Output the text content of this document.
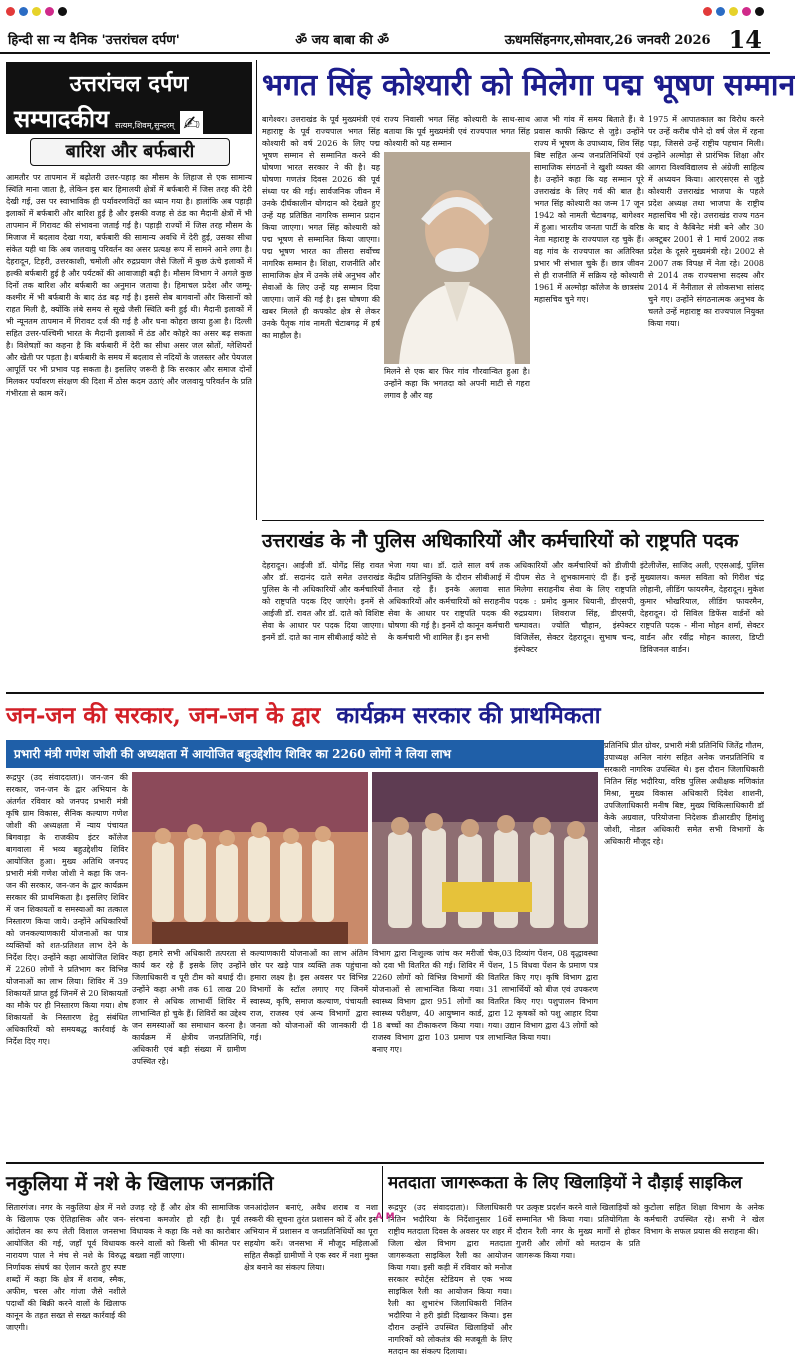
हिन्दी सा न्य दैनिक 'उत्तरांचल दर्पण'	ॐ जय बाबा की ॐ	ऊधमसिंहनगर,सोमवार,26 जनवरी 2026 14
उत्तरांचल दर्पण
सम्पादकीय सत्यम,शिवम्,सुन्दरम् ✍
बारिश और बर्फबारी
आमतौर पर तापमान में बढ़ोतरी उत्तर-पहाड़ का मौसम के लिहाज से एक सामान्य स्थिति माना जाता है, लेकिन इस बार हिमालयी क्षेत्रों में बर्फबारी में जिस तरह की देरी देखी गई, उस पर स्वाभाविक ही पर्यावरणविदों का ध्यान गया है। हालांकि अब पहाड़ी इलाकों में बर्फबारी और बारिश हुई है और इसकी वजह से ठंड का मैदानी क्षेत्रों में भी तापमान में गिरावट की संभावना जताई गई है। पहाड़ी राज्यों में जिस तरह मौसम के मिजाज में बदलाव देखा गया, बर्फबारी की सामान्य अवधि में देरी हुई, उसका सीधा संकेत यही था कि अब जलवायु परिवर्तन का असर प्रत्यक्ष रूप में सामने आने लगा है। देहरादून, टिहरी, उत्तरकाशी, चमोली और रुद्रप्रयाग जैसे जिलों में कुछ ऊंचे इलाकों में हल्की बर्फबारी हुई है और पर्यटकों की आवाजाही बढ़ी है। मौसम विभाग ने अगले कुछ दिनों तक बारिश और बर्फबारी का अनुमान जताया है। हिमाचल प्रदेश और जम्मू-कश्मीर में भी बर्फबारी के बाद ठंड बढ़ गई है। इससे सेब बागवानों और किसानों को राहत मिली है, क्योंकि लंबे समय से सूखे जैसी स्थिति बनी हुई थी। मैदानी इलाकों में भी न्यूनतम तापमान में गिरावट दर्ज की गई है और घना कोहरा छाया हुआ है। दिल्ली सहित उत्तर-पश्चिमी भारत के मैदानी इलाकों में ठंड और कोहरे का असर बढ़ सकता है। विशेषज्ञों का कहना है कि बर्फबारी में देरी का सीधा असर जल स्रोतों, ग्लेशियरों और खेती पर पड़ता है। बर्फबारी के समय में बदलाव से नदियों के जलस्तर और पेयजल आपूर्ति पर भी प्रभाव पड़ सकता है। इसलिए जरूरी है कि सरकार और समाज दोनों मिलकर पर्यावरण संरक्षण की दिशा में ठोस कदम उठाएं और जलवायु परिवर्तन के प्रति गंभीरता से काम करें।
भगत सिंह कोश्यारी को मिलेगा पद्म भूषण सम्मान
बागेश्वर। उत्तराखंड के पूर्व मुख्यमंत्री एवं महाराष्ट्र के पूर्व राज्यपाल भगत सिंह कोश्यारी को वर्ष 2026 के लिए पद्म भूषण सम्मान से सम्मानित करने की घोषणा भारत सरकार ने की है। यह घोषणा गणतंत्र दिवस 2026 की पूर्व संध्या पर की गई। सार्वजनिक जीवन में उनके दीर्घकालीन योगदान को देखते हुए उन्हें यह प्रतिष्ठित नागरिक सम्मान प्रदान किया जाएगा। भगत सिंह कोश्यारी को पद्म भूषण से सम्मानित किया जाएगा। पद्म भूषण भारत का तीसरा सर्वोच्च नागरिक सम्मान है। शिक्षा, राजनीति और सामाजिक क्षेत्र में उनके लंबे अनुभव और सेवाओं के लिए उन्हें यह सम्मान दिया जाएगा। जानें की गई है। इस घोषणा की खबर मिलते ही कपकोट क्षेत्र से लेकर उनके पैतृक गांव नामती चेटाबगढ़ में हर्ष का माहौल है।
राज्य निवासी भगत सिंह कोश्यारी के साथ-साथ बताया कि पूर्व मुख्यमंत्री एवं राज्यपाल भगत सिंह कोश्यारी को यह सम्मान
मिलने से एक बार फिर गांव गौरवान्वित हुआ है। उन्होंने कहा कि भगतदा को अपनी माटी से गहरा लगाव है और वह
आज भी गांव में समय बिताते हैं। वे प्रवास काफी स्क्रिप्ट से जुड़े। उन्होंने राज्य में भूषण के उपाध्याय, शिव सिंह बिष्ट सहित अन्य जनप्रतिनिधियों एवं सामाजिक संगठनों ने खुशी व्यक्त की है। उन्होंने कहा कि यह सम्मान पूरे उत्तराखंड के लिए गर्व की बात है। भगत सिंह कोश्यारी का जन्म 17 जून 1942 को नामती चेटाबगढ़, बागेश्वर में हुआ। भारतीय जनता पार्टी के वरिष्ठ नेता महाराष्ट्र के राज्यपाल रह चुके हैं। वह गांव के राज्यपाल का अतिरिक्त प्रभार भी संभाल चुके हैं। छात्र जीवन से ही राजनीति में सक्रिय रहे कोश्यारी 1961 में अल्मोड़ा कॉलेज के छात्रसंघ महासचिव चुने गए।
1975 में आपातकाल का विरोध करने पर उन्हें करीब पौने दो वर्ष जेल में रहना पड़ा, जिससे उन्हें राष्ट्रीय पहचान मिली। उन्होंने अल्मोड़ा से प्रारंभिक शिक्षा और आगरा विश्वविद्यालय से अंग्रेजी साहित्य में अध्ययन किया। आरएसएस से जुड़े कोश्यारी उत्तराखंड भाजपा के पहले प्रदेश अध्यक्ष तथा भाजपा के राष्ट्रीय महासचिव भी रहे। उत्तराखंड राज्य गठन के बाद वे कैबिनेट मंत्री बने और 30 अक्टूबर 2001 से 1 मार्च 2002 तक प्रदेश के दूसरे मुख्यमंत्री रहे। 2002 से 2007 तक विपक्ष में नेता रहे। 2008 से 2014 तक राज्यसभा सदस्य और 2014 में नैनीताल से लोकसभा सांसद चुने गए। उन्होंने संगठनात्मक अनुभव के चलते उन्हें महाराष्ट्र का राज्यपाल नियुक्त किया गया।
उत्तराखंड के नौ पुलिस अधिकारियों और कर्मचारियों को राष्ट्रपति पदक
देहरादून। आईजी डॉ. योगेंद्र सिंह रावत और डॉ. सदानंद दाते समेत उत्तराखंड पुलिस के नौ अधिकारियों और कर्मचारियों को राष्ट्रपति पदक दिए जाएंगे। इनमें से आईजी डॉ. रावत और डॉ. दाते को विशिष्ट सेवा के आधार पर पदक दिया जाएगा। इनमें डॉ. दाते का नाम सीबीआई कोटे से
भेजा गया था। डॉ. दाते साल वर्ष तक केंद्रीय प्रतिनियुक्ति के दौरान सीबीआई में तैनात रहे हैं। इनके अलावा सात अधिकारियों और कर्मचारियों को सराहनीय सेवा के आधार पर राष्ट्रपति पदक की घोषणा की गई है। इनमें दो कानून कर्मचारी के कर्मचारी भी शामिल हैं। इन सभी
अधिकारियों और कर्मचारियों को डीजीपी दीपम सेठ ने शुभकामनाएं दी हैं। इन्हें मिलेगा सराहनीय सेवा के लिए राष्ट्रपति पदक : प्रमोद कुमार धियानी, डीएसपी, रुद्रप्रयाग। शिवराज सिंह, डीएसपी, चम्पावत। ज्योति चौहान, इंस्पेक्टर विजिलेंस, सेक्टर देहरादून। सुभाष चन्द, इंस्पेक्टर
इंटेलीजेंस, साजिद अली, एएसआई, पुलिस मुख्यालय। कमल सविता को गिरीश चंद्र लोहानी, लीडिंग फायरमैन, देहरादून। मुकेश कुमार भोखरियाल, लीडिंग फायरमैन, देहरादून। दो सिविल डिफेंस वार्डनों को राष्ट्रपति पदक - मीना मोहन शर्मा, सेक्टर वार्डन और रवींद्र मोहन कालरा, डिप्टी डिविजनल वार्डन।
जन-जन की सरकार, जन-जन के द्वार कार्यक्रम सरकार की प्राथमिकता
प्रभारी मंत्री गणेश जोशी की अध्यक्षता में आयोजित बहुउद्देशीय शिविर का 2260 लोगों ने लिया लाभ
रूद्रपुर (उद संवाददाता)। जन-जन की सरकार, जन-जन के द्वार अभियान के अंतर्गत रविवार को जनपद प्रभारी मंत्री कृषि ग्राम विकास, सैनिक कल्याण गणेश जोशी की अध्यक्षता में न्याय पंचायत बिगवाड़ा के राजकीय इंटर कॉलेज बागवाला में भव्य बहुउद्देशीय शिविर आयोजित हुआ। मुख्य अतिथि जनपद प्रभारी मंत्री गणेश जोशी ने कहा कि जन-जन की सरकार, जन-जन के द्वार कार्यक्रम सरकार की प्राथमिकता है। इसलिए शिविर में जन शिकायतों व समस्याओं का तत्काल निस्तारण किया जाये। उन्होंने अधिकारियों को जनकल्याणकारी योजनाओं का पात्र व्यक्तियों को शत-प्रतिशत लाभ देने के निर्देश दिए। उन्होंने कहा आयोजित शिविर में 2260 लोगों ने प्रतिभाग कर विभिन्न योजनाओं का लाभ लिया। शिविर में 39 शिकायतें प्राप्त हुई जिनमें से 20 शिकायतों का मौके पर ही निस्तारण किया गया। शेष शिकायतों के निस्तारण हेतु संबंधित अधिकारियों को समयबद्ध कार्रवाई के निर्देश दिए गए।
कहा हमारे सभी अधिकारी तत्परता से कार्य कर रहे हैं इसके लिए उन्होंने जिलाधिकारी व पूरी टीम को बधाई दी। उन्होंने कहा अभी तक 61 लाख 20 हजार से अधिक लाभार्थी शिविर में लाभान्वित हो चुके हैं। शिविरों का उद्देश्य जन समस्याओं का समाधान करना है। कार्यक्रम में क्षेत्रीय जनप्रतिनिधि, अधिकारी एवं बड़ी संख्या में ग्रामीण उपस्थित रहे।
कल्याणकारी योजनाओं का लाभ अंतिम छोर पर खड़े पात्र व्यक्ति तक पहुंचाना हमारा लक्ष्य है। इस अवसर पर विभिन्न विभागों के स्टॉल लगाए गए जिनमें स्वास्थ्य, कृषि, समाज कल्याण, पंचायती राज, राजस्व एवं अन्य विभागों द्वारा जनता को योजनाओं की जानकारी दी गई।
विभाग द्वारा निःशुल्क जांच कर मरीजों को दवा भी वितरित की गई। शिविर में 2260 लोगों को विभिन्न विभागों की योजनाओं से लाभान्वित किया गया। स्वास्थ्य विभाग द्वारा 951 लोगों का स्वास्थ्य परीक्षण, 40 आयुष्मान कार्ड, 18 बच्चों का टीकाकरण किया गया। राजस्व विभाग द्वारा 103 प्रमाण पत्र बनाए गए।
चेक,03 दिव्यांग पेंशन, 08 वृद्धावस्था पेंशन, 15 विधवा पेंशन के प्रमाण पत्र वितरित किए गए। कृषि विभाग द्वारा 31 लाभार्थियों को बीज एवं उपकरण वितरित किए गए। पशुपालन विभाग द्वारा 12 कृषकों को पशु आहार दिया गया। उद्यान विभाग द्वारा 43 लोगों को लाभान्वित किया गया।
प्रतिनिधि प्रीत ग्रोवर, प्रभारी मंत्री प्रतिनिधि जितेंद्र गौतम, उपाध्यक्ष अनिल नारंग सहित अनेक जनप्रतिनिधि व सरकारी नागरिक उपस्थित थे। इस दौरान जिलाधिकारी नितिन सिंह भदौरिया, वरिष्ठ पुलिस अधीक्षक मणिकांत मिश्रा, मुख्य विकास अधिकारी दिवेश शाशनी, उपजिलाधिकारी मनीष बिष्ट, मुख्य चिकित्साधिकारी डॉ केके अग्रवाल, परियोजना निदेशक डीआरडीए हिमांशु जोशी, नोडल अधिकारी समेत सभी विभागों के अधिकारी मौजूद रहे।
नकुलिया में नशे के खिलाफ जनक्रांति
सितारगंज। नगर के नकुलिया क्षेत्र में नशे के खिलाफ एक ऐतिहासिक और जन-आंदोलन का रूप लेती विशाल जनसभा आयोजित की गई, जहाँ पूर्व विधायक नारायण पाल ने मंच से नशे के विरुद्ध निर्णायक संघर्ष का ऐलान करते हुए स्पष्ट शब्दों में कहा कि क्षेत्र में शराब, स्मैक, अफीम, चरस और गांजा जैसे नशीले पदार्थों की बिक्री करने वालों के खिलाफ कानून के तहत सख्त से सख्त कार्रवाई की जाएगी।
उजड़ रहे हैं और क्षेत्र की सामाजिक संरचना कमजोर हो रही है। पूर्व विधायक ने कहा कि नशे का कारोबार करने वालों को किसी भी कीमत पर बख्शा नहीं जाएगा।
जनआंदोलन बनाएं, अवैध शराब व नशा तस्करी की सूचना तुरंत प्रशासन को दें और इस अभियान में प्रशासन व जनप्रतिनिधियों का पूरा सहयोग करें। जनसभा में मौजूद महिलाओं सहित सैकड़ों ग्रामीणों ने एक स्वर में नशा मुक्त क्षेत्र बनाने का संकल्प लिया।
मतदाता जागरूकता के लिए खिलाड़ियों ने दौड़ाई साइकिल
रूद्रपुर (उद संवाददाता)। जिलाधिकारी नितिन भदौरिया के निर्देशानुसार 16वें राष्ट्रीय मतदाता दिवस के अवसर पर शहर में जिला खेल विभाग द्वारा मतदाता जागरूकता साइकिल रैली का आयोजन किया गया। इसी कड़ी में रविवार को मनोज सरकार स्पोर्ट्स स्टेडियम से एक भव्य साइकिल रैली का आयोजन किया गया। रैली का शुभारंभ जिलाधिकारी नितिन भदौरिया ने हरी झंडी दिखाकर किया। इस दौरान उन्होंने उपस्थित खिलाड़ियों और नागरिकों को लोकतंत्र की मजबूती के लिए मतदान का संकल्प दिलाया।
पर उत्कृष्ट प्रदर्शन करने वाले खिलाड़ियों को सम्मानित भी किया गया। प्रतियोगिता के दौरान रैली नगर के मुख्य मार्गों से होकर गुजरी और लोगों को मतदान के प्रति जागरूक किया गया।
कुटोला सहित शिक्षा विभाग के अनेक कर्मचारी उपस्थित रहे। सभी ने खेल विभाग के सफल प्रयास की सराहना की।
A M
